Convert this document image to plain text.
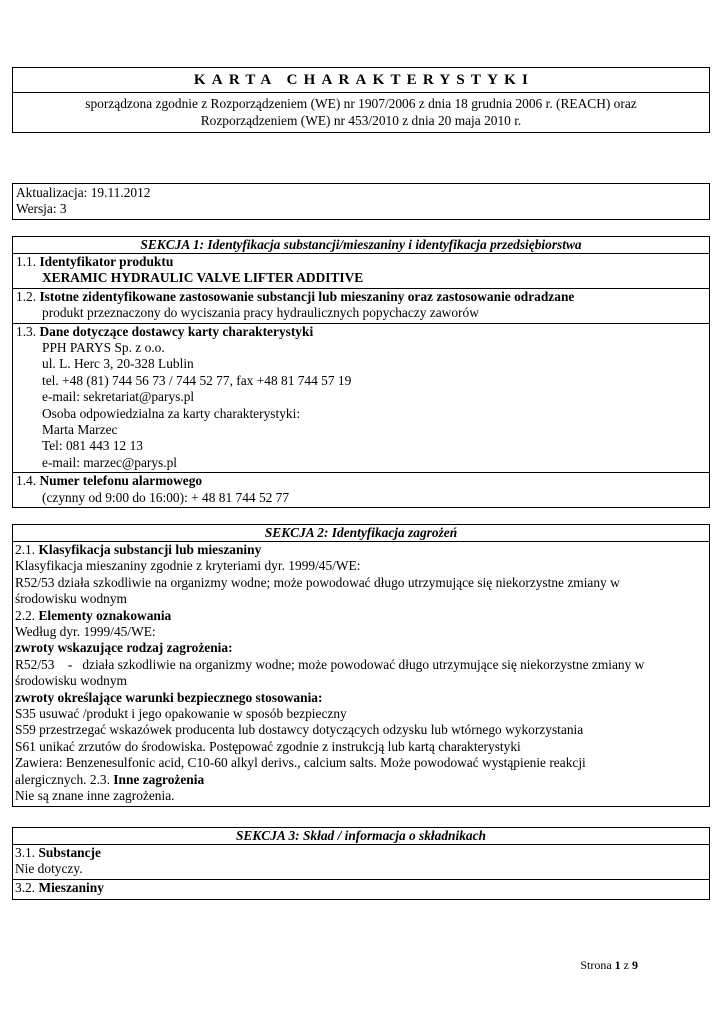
KARTA CHARAKTERYSTYKI
sporządzona zgodnie z Rozporządzeniem (WE) nr 1907/2006 z dnia 18 grudnia 2006 r. (REACH) oraz
Rozporządzeniem (WE) nr 453/2010 z dnia 20 maja 2010 r.
Aktualizacja: 19.11.2012
Wersja: 3
SEKCJA 1: Identyfikacja substancji/mieszaniny i identyfikacja przedsiębiorstwa
1.1. Identyfikator produktu
XERAMIC HYDRAULIC VALVE LIFTER ADDITIVE
1.2. Istotne zidentyfikowane zastosowanie substancji lub mieszaniny oraz zastosowanie odradzane
produkt przeznaczony do wyciszania pracy hydraulicznych popychaczy zaworów
1.3. Dane dotyczące dostawcy karty charakterystyki
PPH PARYS Sp. z o.o.
ul. L. Herc 3, 20-328 Lublin
tel. +48 (81) 744 56 73 / 744 52 77, fax +48 81 744 57 19
e-mail: sekretariat@parys.pl
Osoba odpowiedzialna za karty charakterystyki:
Marta Marzec
Tel: 081 443 12 13
e-mail: marzec@parys.pl
1.4. Numer telefonu alarmowego
(czynny od 9:00 do 16:00): + 48 81 744 52 77
SEKCJA 2: Identyfikacja zagrożeń
2.1. Klasyfikacja substancji lub mieszaniny
Klasyfikacja mieszaniny zgodnie z kryteriami dyr. 1999/45/WE:
R52/53 działa szkodliwie na organizmy wodne; może powodować długo utrzymujące się niekorzystne zmiany w
środowisku wodnym
2.2. Elementy oznakowania
Według dyr. 1999/45/WE:
zwroty wskazujące rodzaj zagrożenia:
R52/53    -   działa szkodliwie na organizmy wodne; może powodować długo utrzymujące się niekorzystne zmiany w
środowisku wodnym
zwroty określające warunki bezpiecznego stosowania:
S35 usuwać /produkt i jego opakowanie w sposób bezpieczny
S59 przestrzegać wskazówek producenta lub dostawcy dotyczących odzysku lub wtórnego wykorzystania
S61 unikać zrzutów do środowiska. Postępować zgodnie z instrukcją lub kartą charakterystyki
Zawiera: Benzenesulfonic acid, C10-60 alkyl derivs., calcium salts. Może powodować wystąpienie reakcji
alergicznych. 2.3. Inne zagrożenia
Nie są znane inne zagrożenia.
SEKCJA 3: Skład / informacja o składnikach
3.1. Substancje
Nie dotyczy.
3.2. Mieszaniny
Strona 1 z 9
